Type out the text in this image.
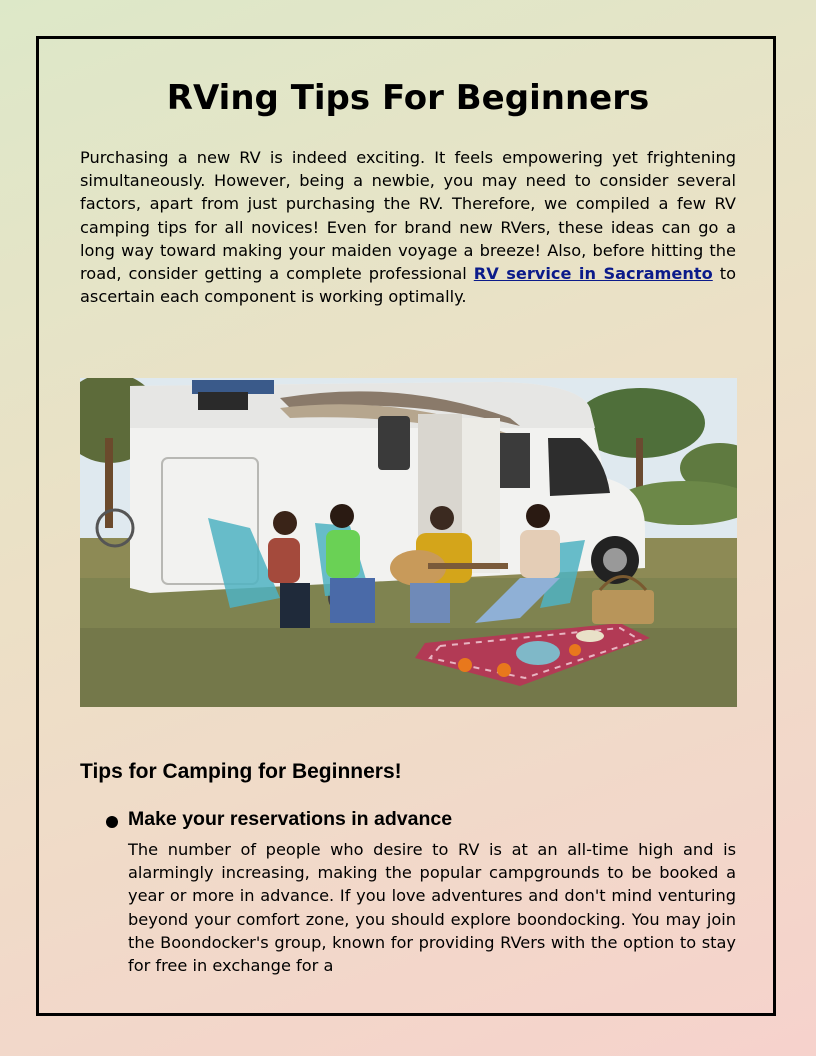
RVing Tips For Beginners

Purchasing a new RV is indeed exciting. It feels empowering yet frightening simultaneously. However, being a newbie, you may need to consider several factors, apart from just purchasing the RV. Therefore, we compiled a few RV camping tips for all novices! Even for brand new RVers, these ideas can go a long way toward making your maiden voyage a breeze! Also, before hitting the road, consider getting a complete professional RV service in Sacramento to ascertain each component is working optimally.

Tips for Camping for Beginners!
Make your reservations in advance

The number of people who desire to RV is at an all-time high and is alarmingly increasing, making the popular campgrounds to be booked a year or more in advance. If you love adventures and don't mind venturing beyond your comfort zone, you should explore boondocking. You may join the Boondocker's group, known for providing RVers with the option to stay for free in exchange for a
